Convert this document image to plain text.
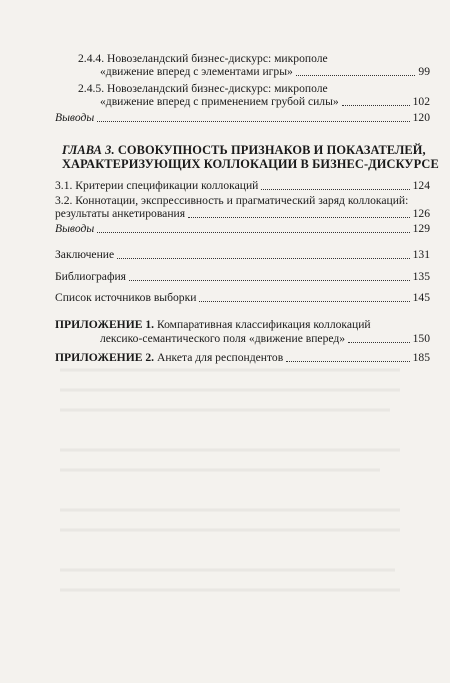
2.4.4. Новозеландский бизнес-дискурс: микрополе
«движение вперед с элементами игры»	99
2.4.5. Новозеландский бизнес-дискурс: микрополе
«движение вперед с применением грубой силы»	102
Выводы	120
ГЛАВА 3. СОВОКУПНОСТЬ ПРИЗНАКОВ И ПОКАЗАТЕЛЕЙ,
ХАРАКТЕРИЗУЮЩИХ КОЛЛОКАЦИИ В БИЗНЕС-ДИСКУРСЕ
3.1. Критерии спецификации коллокаций	124
3.2. Коннотации, экспрессивность и прагматический заряд коллокаций:
результаты анкетирования	126
Выводы	129
Заключение	131
Библиография	135
Список источников выборки	145
ПРИЛОЖЕНИЕ 1. Компаративная классификация коллокаций
лексико-семантического поля «движение вперед»	150
ПРИЛОЖЕНИЕ 2. Анкета для респондентов	185
